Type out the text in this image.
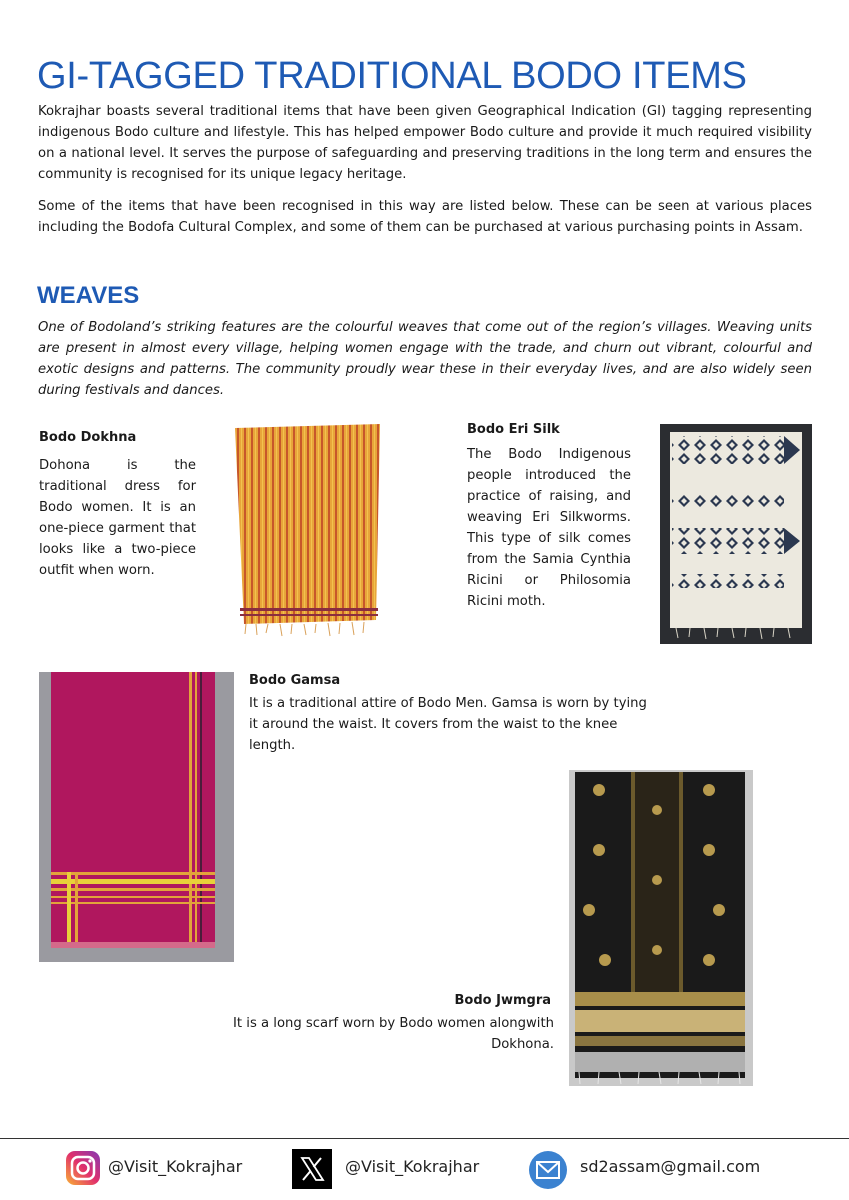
GI-TAGGED TRADITIONAL BODO ITEMS
Kokrajhar boasts several traditional items that have been given Geographical Indication (GI) tagging representing indigenous Bodo culture and lifestyle. This has helped empower Bodo culture and provide it much required visibility on a national level. It serves the purpose of safeguarding and preserving traditions in the long term and ensures the community is recognised for its unique legacy heritage.
Some of the items that have been recognised in this way are listed below. These can be seen at various places including the Bodofa Cultural Complex, and some of them can be purchased at various purchasing points in Assam.
WEAVES
One of Bodoland’s striking features are the colourful weaves that come out of the region’s villages. Weaving units are present in almost every village, helping women engage with the trade, and churn out vibrant, colourful and exotic designs and patterns. The community proudly wear these in their everyday lives, and are also widely seen during festivals and dances.
Bodo Dokhna
Dohona is the traditional dress for Bodo women. It is an one-piece garment that looks like a two-piece outfit when worn.
Bodo Eri Silk
The Bodo Indigenous people introduced the practice of raising, and weaving Eri Silkworms. This type of silk comes from the Samia Cynthia Ricini or Philosomia Ricini moth.
Bodo Gamsa
It is a traditional attire of Bodo Men. Gamsa is worn by tying it around the waist. It covers from the waist to the knee length.
Bodo Jwmgra
It is a long scarf worn by Bodo women alongwith Dokhona.
@Visit_Kokrajhar	@Visit_Kokrajhar	sd2assam@gmail.com
